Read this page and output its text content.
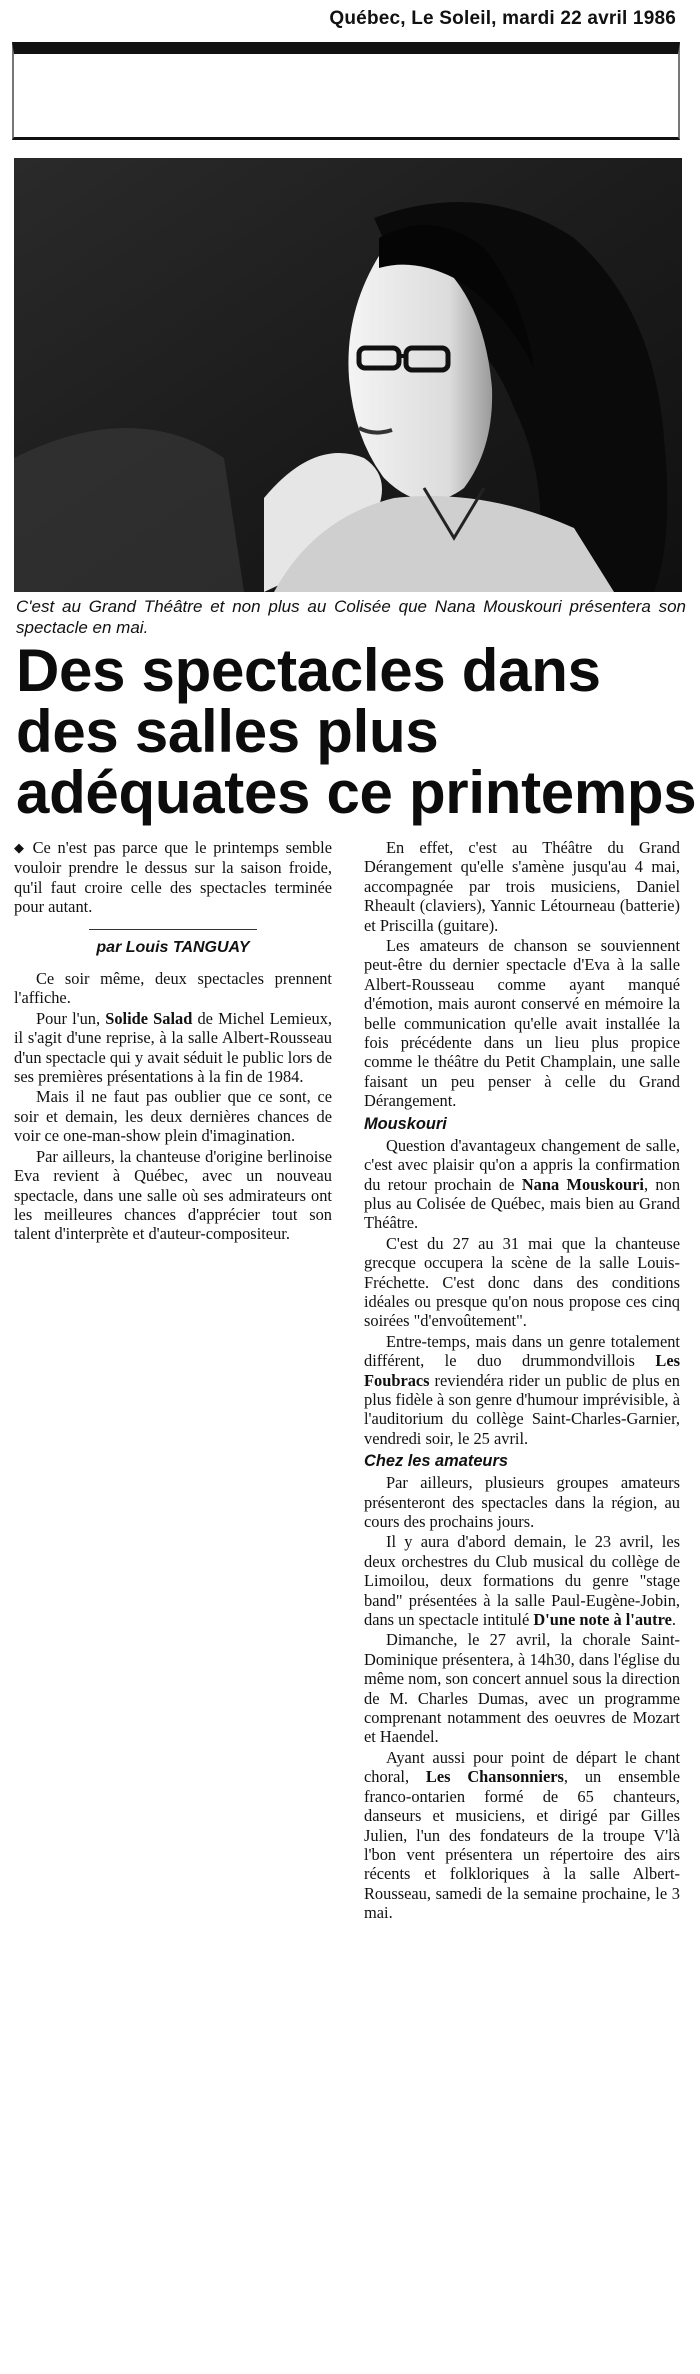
Québec, Le Soleil, mardi 22 avril 1986
C'est au Grand Théâtre et non plus au Colisée que Nana Mouskouri présentera son spectacle en mai.
Des spectacles dans
des salles plus
adéquates ce printemps

◆ Ce n'est pas parce que le printemps semble vouloir prendre le dessus sur la saison froide, qu'il faut croire celle des spectacles terminée pour autant.

par Louis TANGUAY

Ce soir même, deux spectacles prennent l'affiche.

Pour l'un, Solide Salad de Michel Lemieux, il s'agit d'une reprise, à la salle Albert-Rousseau d'un spectacle qui y avait séduit le public lors de ses premières présentations à la fin de 1984.

Mais il ne faut pas oublier que ce sont, ce soir et demain, les deux dernières chances de voir ce one-man-show plein d'imagination.

Par ailleurs, la chanteuse d'origine berlinoise Eva revient à Québec, avec un nouveau spectacle, dans une salle où ses admirateurs ont les meilleures chances d'apprécier tout son talent d'interprète et d'auteur-compositeur.

En effet, c'est au Théâtre du Grand Dérangement qu'elle s'amène jusqu'au 4 mai, accompagnée par trois musiciens, Daniel Rheault (claviers), Yannic Létourneau (batterie) et Priscilla (guitare).

Les amateurs de chanson se souviennent peut-être du dernier spectacle d'Eva à la salle Albert-Rousseau comme ayant manqué d'émotion, mais auront conservé en mémoire la belle communication qu'elle avait installée la fois précédente dans un lieu plus propice comme le théâtre du Petit Champlain, une salle faisant un peu penser à celle du Grand Dérangement.

Mouskouri

Question d'avantageux changement de salle, c'est avec plaisir qu'on a appris la confirmation du retour prochain de Nana Mouskouri, non plus au Colisée de Québec, mais bien au Grand Théâtre.

C'est du 27 au 31 mai que la chanteuse grecque occupera la scène de la salle Louis-Fréchette. C'est donc dans des conditions idéales ou presque qu'on nous propose ces cinq soirées "d'envoûtement".

Entre-temps, mais dans un genre totalement différent, le duo drummondvillois Les Foubracs reviendéra rider un public de plus en plus fidèle à son genre d'humour imprévisible, à l'auditorium du collège Saint-Charles-Garnier, vendredi soir, le 25 avril.

Chez les amateurs

Par ailleurs, plusieurs groupes amateurs présenteront des spectacles dans la région, au cours des prochains jours.

Il y aura d'abord demain, le 23 avril, les deux orchestres du Club musical du collège de Limoilou, deux formations du genre "stage band" présentées à la salle Paul-Eugène-Jobin, dans un spectacle intitulé D'une note à l'autre.

Dimanche, le 27 avril, la chorale Saint-Dominique présentera, à 14h30, dans l'église du même nom, son concert annuel sous la direction de M. Charles Dumas, avec un programme comprenant notamment des oeuvres de Mozart et Haendel.

Ayant aussi pour point de départ le chant choral, Les Chansonniers, un ensemble franco-ontarien formé de 65 chanteurs, danseurs et musiciens, et dirigé par Gilles Julien, l'un des fondateurs de la troupe V'là l'bon vent présentera un répertoire des airs récents et folkloriques à la salle Albert-Rousseau, samedi de la semaine prochaine, le 3 mai.
